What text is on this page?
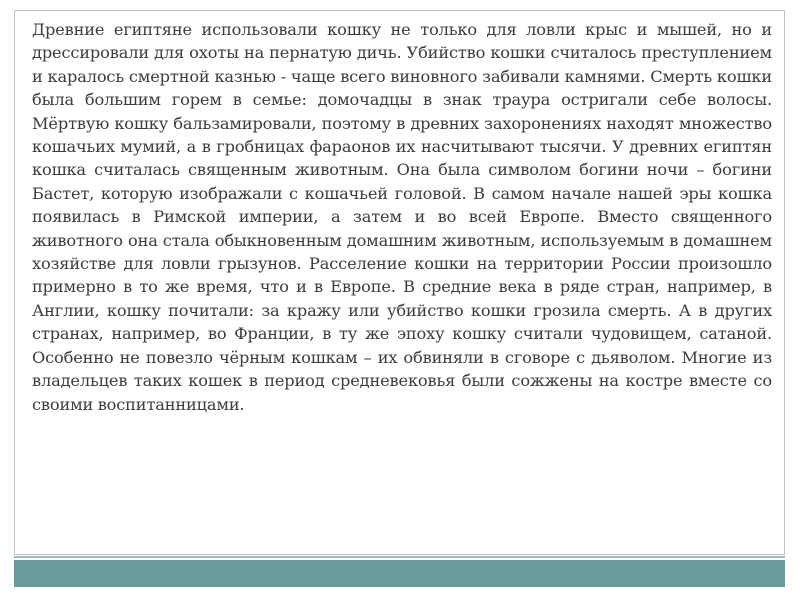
Древние египтяне использовали кошку не только для ловли крыс и мышей, но и дрессировали для охоты на пернатую дичь. Убийство кошки считалось преступлением и каралось смертной казнью - чаще всего виновного забивали камнями. Смерть кошки была большим горем в семье: домочадцы в знак траура остригали себе волосы. Мёртвую кошку бальзамировали, поэтому в древних захоронениях находят множество кошачьих мумий, а в гробницах фараонов их насчитывают тысячи. У древних египтян кошка считалась священным животным. Она была символом богини ночи – богини Бастет, которую изображали с кошачьей головой. В самом начале нашей эры кошка появилась в Римской империи, а затем и во всей Европе. Вместо священного животного она стала обыкновенным домашним животным, используемым в домашнем хозяйстве для ловли грызунов. Расселение кошки на территории России произошло примерно в то же время, что и в Европе. В средние века в ряде стран, например, в Англии, кошку почитали: за кражу или убийство кошки грозила смерть. А в других странах, например, во Франции, в ту же эпоху кошку считали чудовищем, сатаной. Особенно не повезло чёрным кошкам – их обвиняли в сговоре с дьяволом. Многие из владельцев таких кошек в период средневековья были сожжены на костре вместе со своими воспитанницами.
